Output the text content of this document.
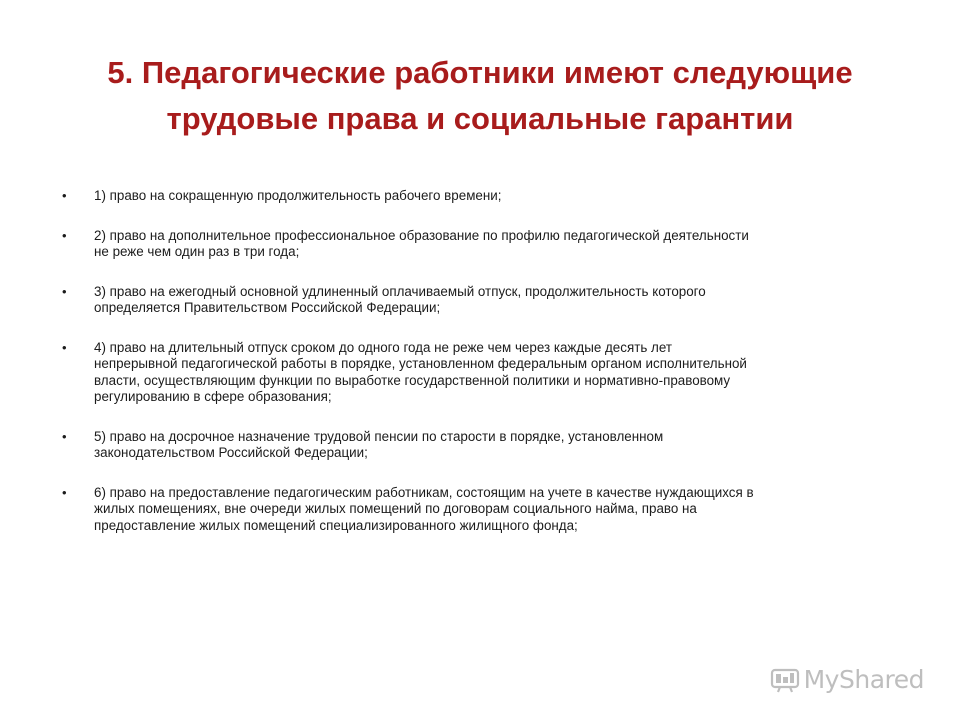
5. Педагогические работники имеют следующие
трудовые права и социальные гарантии
• 1) право на сокращенную продолжительность рабочего времени;
• 2) право на дополнительное профессиональное образование по профилю педагогической деятельности
не реже чем один раз в три года;
• 3) право на ежегодный основной удлиненный оплачиваемый отпуск, продолжительность которого
определяется Правительством Российской Федерации;
• 4) право на длительный отпуск сроком до одного года не реже чем через каждые десять лет
непрерывной педагогической работы в порядке, установленном федеральным органом исполнительной
власти, осуществляющим функции по выработке государственной политики и нормативно-правовому
регулированию в сфере образования;
• 5) право на досрочное назначение трудовой пенсии по старости в порядке, установленном
законодательством Российской Федерации;
• 6) право на предоставление педагогическим работникам, состоящим на учете в качестве нуждающихся в
жилых помещениях, вне очереди жилых помещений по договорам социального найма, право на
предоставление жилых помещений специализированного жилищного фонда;
MyShared
